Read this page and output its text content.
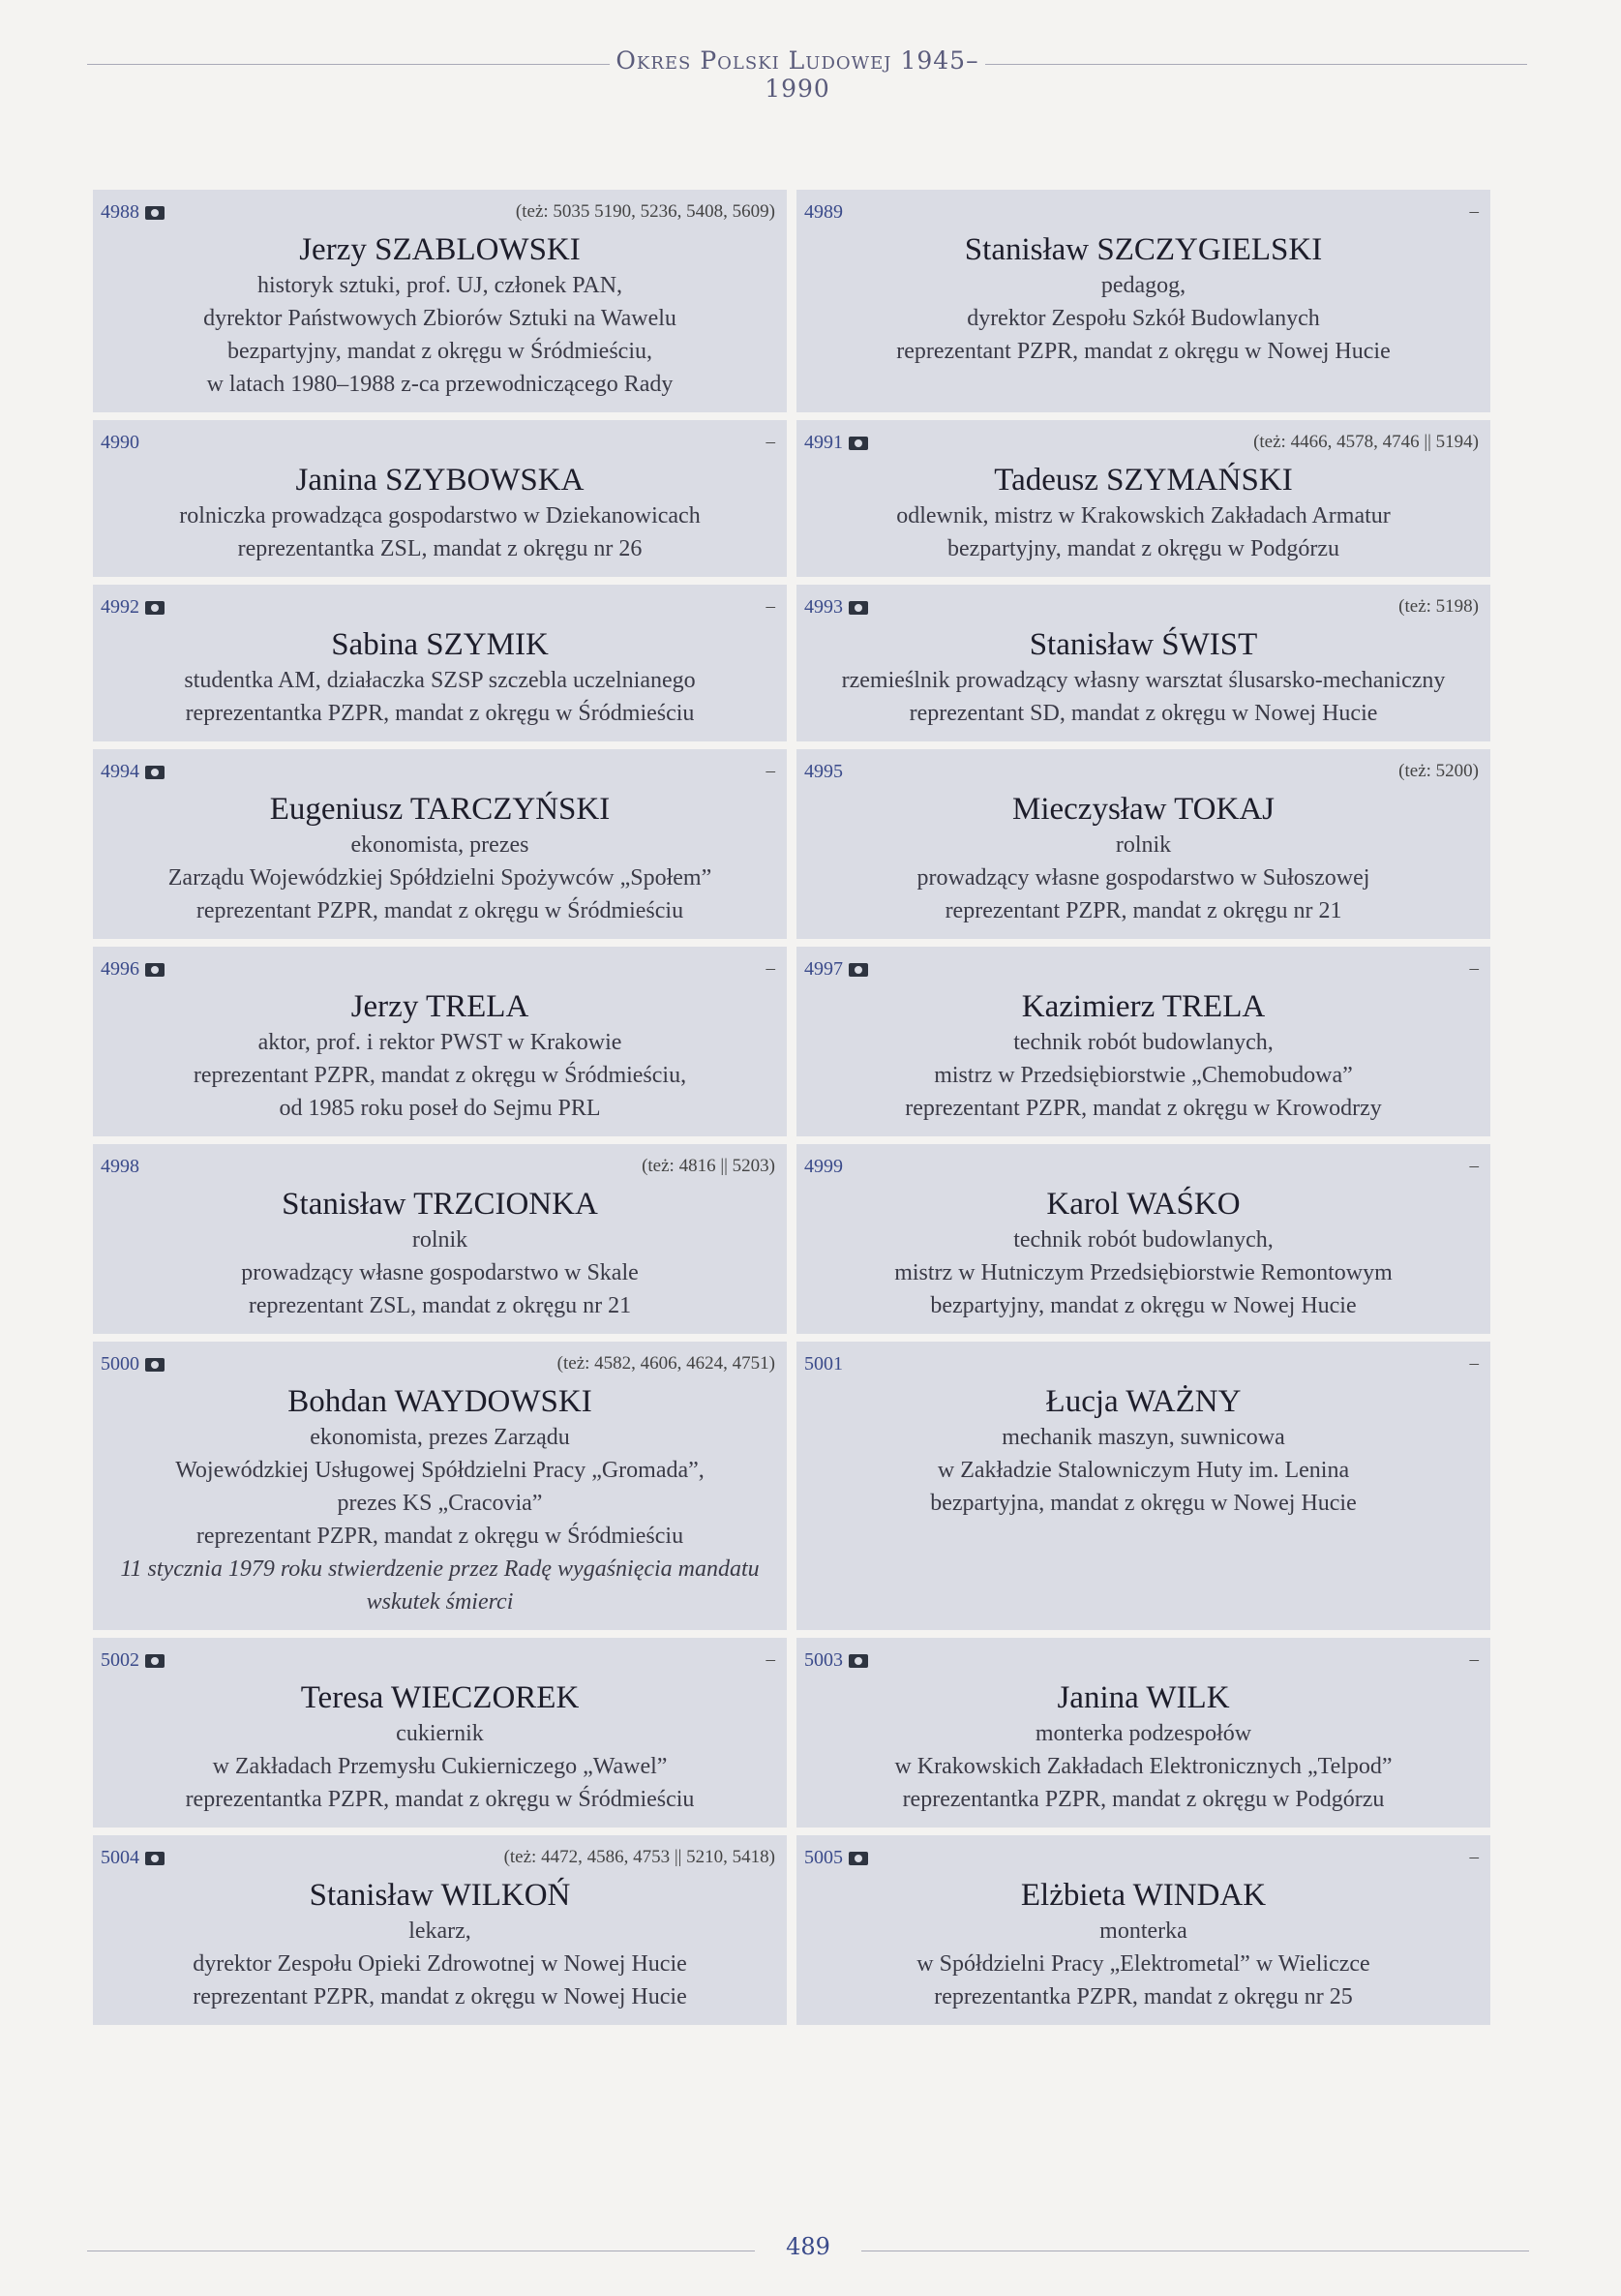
Okres Polski Ludowej 1945–1990
4988	(też: 5035 5190, 5236, 5408, 5609)
Jerzy SZABLOWSKI
historyk sztuki, prof. UJ, członek PAN,
dyrektor Państwowych Zbiorów Sztuki na Wawelu
bezpartyjny, mandat z okręgu w Śródmieściu,
w latach 1980–1988 z-ca przewodniczącego Rady
4989	–
Stanisław SZCZYGIELSKI
pedagog,
dyrektor Zespołu Szkół Budowlanych
reprezentant PZPR, mandat z okręgu w Nowej Hucie
4990	–
Janina SZYBOWSKA
rolniczka prowadząca gospodarstwo w Dziekanowicach
reprezentantka ZSL, mandat z okręgu nr 26
4991	(też: 4466, 4578, 4746 || 5194)
Tadeusz SZYMAŃSKI
odlewnik, mistrz w Krakowskich Zakładach Armatur
bezpartyjny, mandat z okręgu w Podgórzu
4992	–
Sabina SZYMIK
studentka AM, działaczka SZSP szczebla uczelnianego
reprezentantka PZPR, mandat z okręgu w Śródmieściu
4993	(też: 5198)
Stanisław ŚWIST
rzemieślnik prowadzący własny warsztat ślusarsko-mechaniczny
reprezentant SD, mandat z okręgu w Nowej Hucie
4994	–
Eugeniusz TARCZYŃSKI
ekonomista, prezes
Zarządu Wojewódzkiej Spółdzielni Spożywców „Społem”
reprezentant PZPR, mandat z okręgu w Śródmieściu
4995	(też: 5200)
Mieczysław TOKAJ
rolnik
prowadzący własne gospodarstwo w Sułoszowej
reprezentant PZPR, mandat z okręgu nr 21
4996	–
Jerzy TRELA
aktor, prof. i rektor PWST w Krakowie
reprezentant PZPR, mandat z okręgu w Śródmieściu,
od 1985 roku poseł do Sejmu PRL
4997	–
Kazimierz TRELA
technik robót budowlanych,
mistrz w Przedsiębiorstwie „Chemobudowa”
reprezentant PZPR, mandat z okręgu w Krowodrzy
4998	(też: 4816 || 5203)
Stanisław TRZCIONKA
rolnik
prowadzący własne gospodarstwo w Skale
reprezentant ZSL, mandat z okręgu nr 21
4999	–
Karol WAŚKO
technik robót budowlanych,
mistrz w Hutniczym Przedsiębiorstwie Remontowym
bezpartyjny, mandat z okręgu w Nowej Hucie
5000	(też: 4582, 4606, 4624, 4751)
Bohdan WAYDOWSKI
ekonomista, prezes Zarządu
Wojewódzkiej Usługowej Spółdzielni Pracy „Gromada”,
prezes KS „Cracovia”
reprezentant PZPR, mandat z okręgu w Śródmieściu
11 stycznia 1979 roku stwierdzenie przez Radę wygaśnięcia mandatu
wskutek śmierci
5001	–
Łucja WAŻNY
mechanik maszyn, suwnicowa
w Zakładzie Stalowniczym Huty im. Lenina
bezpartyjna, mandat z okręgu w Nowej Hucie
5002	–
Teresa WIECZOREK
cukiernik
w Zakładach Przemysłu Cukierniczego „Wawel”
reprezentantka PZPR, mandat z okręgu w Śródmieściu
5003	–
Janina WILK
monterka podzespołów
w Krakowskich Zakładach Elektronicznych „Telpod”
reprezentantka PZPR, mandat z okręgu w Podgórzu
5004	(też: 4472, 4586, 4753 || 5210, 5418)
Stanisław WILKOŃ
lekarz,
dyrektor Zespołu Opieki Zdrowotnej w Nowej Hucie
reprezentant PZPR, mandat z okręgu w Nowej Hucie
5005	–
Elżbieta WINDAK
monterka
w Spółdzielni Pracy „Elektrometal” w Wieliczce
reprezentantka PZPR, mandat z okręgu nr 25
489
